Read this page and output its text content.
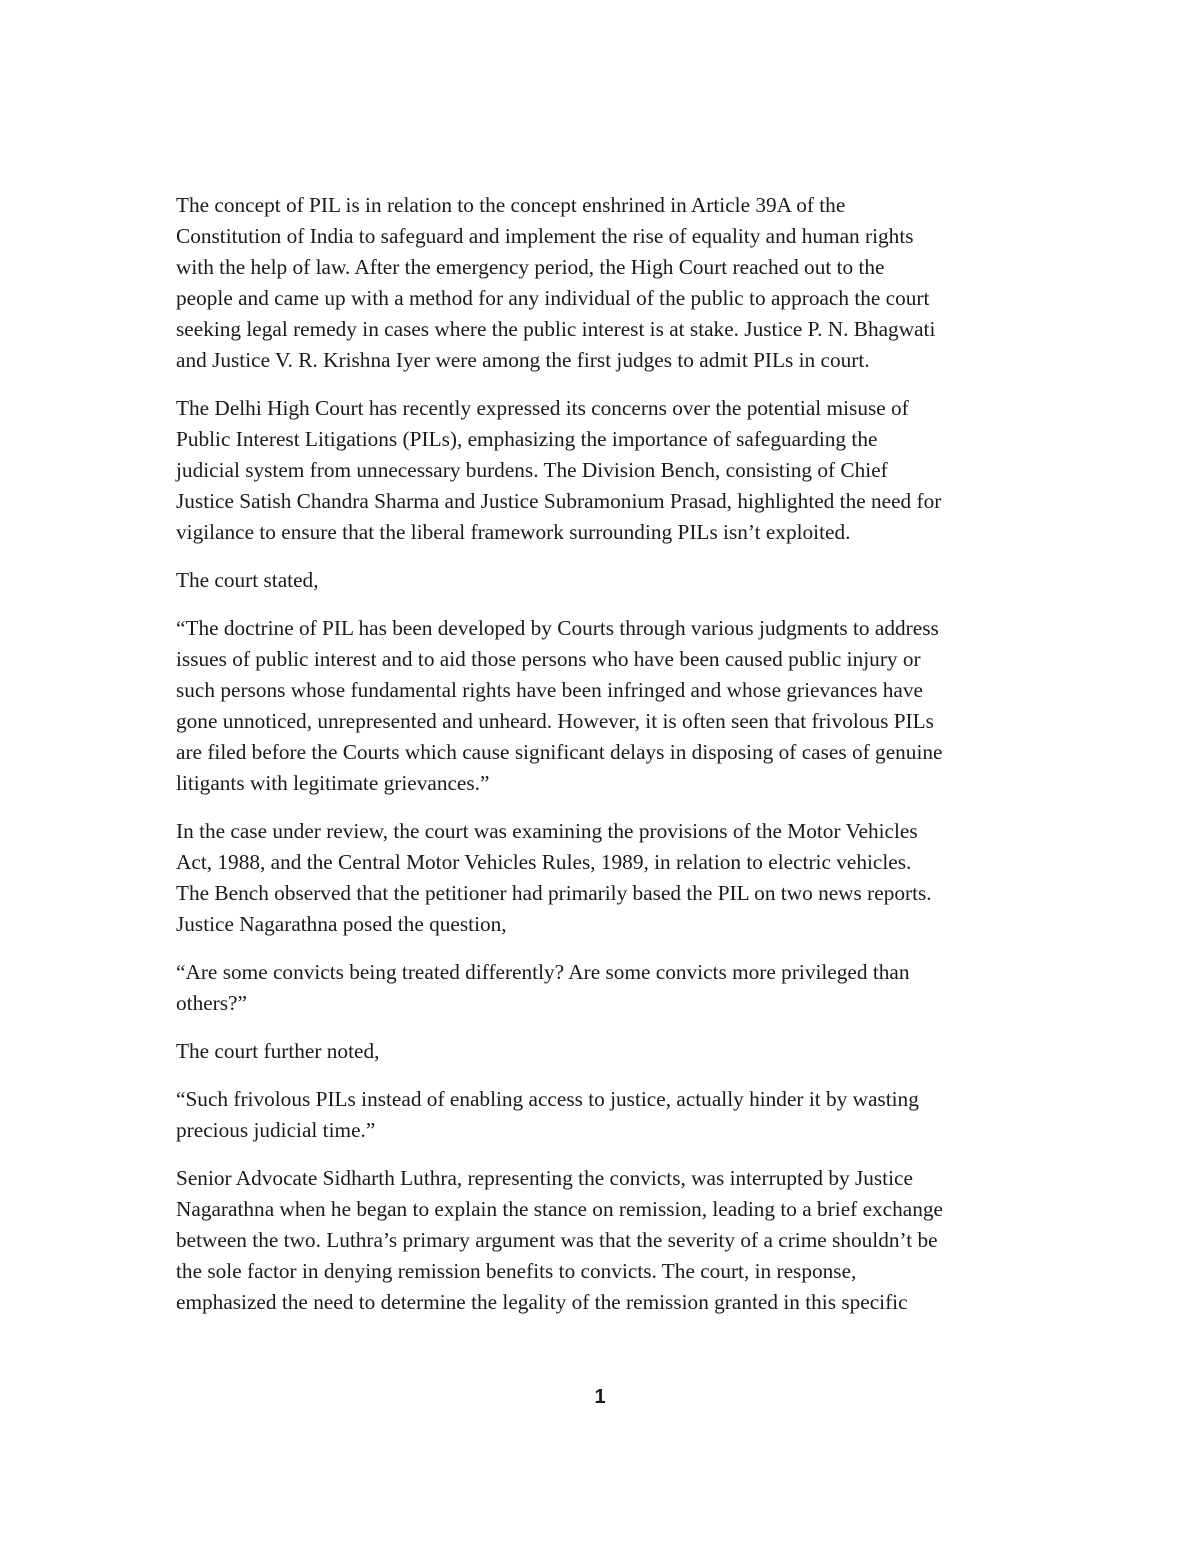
The concept of PIL is in relation to the concept enshrined in Article 39A of the
Constitution of India to safeguard and implement the rise of equality and human rights
with the help of law. After the emergency period, the High Court reached out to the
people and came up with a method for any individual of the public to approach the court
seeking legal remedy in cases where the public interest is at stake. Justice P. N. Bhagwati
and Justice V. R. Krishna Iyer were among the first judges to admit PILs in court.

The Delhi High Court has recently expressed its concerns over the potential misuse of
Public Interest Litigations (PILs), emphasizing the importance of safeguarding the
judicial system from unnecessary burdens. The Division Bench, consisting of Chief
Justice Satish Chandra Sharma and Justice Subramonium Prasad, highlighted the need for
vigilance to ensure that the liberal framework surrounding PILs isn’t exploited.

The court stated,

“The doctrine of PIL has been developed by Courts through various judgments to address
issues of public interest and to aid those persons who have been caused public injury or
such persons whose fundamental rights have been infringed and whose grievances have
gone unnoticed, unrepresented and unheard. However, it is often seen that frivolous PILs
are filed before the Courts which cause significant delays in disposing of cases of genuine
litigants with legitimate grievances.”

In the case under review, the court was examining the provisions of the Motor Vehicles
Act, 1988, and the Central Motor Vehicles Rules, 1989, in relation to electric vehicles.
The Bench observed that the petitioner had primarily based the PIL on two news reports.
Justice Nagarathna posed the question,

“Are some convicts being treated differently? Are some convicts more privileged than
others?”

The court further noted,

“Such frivolous PILs instead of enabling access to justice, actually hinder it by wasting
precious judicial time.”

Senior Advocate Sidharth Luthra, representing the convicts, was interrupted by Justice
Nagarathna when he began to explain the stance on remission, leading to a brief exchange
between the two. Luthra’s primary argument was that the severity of a crime shouldn’t be
the sole factor in denying remission benefits to convicts. The court, in response,
emphasized the need to determine the legality of the remission granted in this specific

1
